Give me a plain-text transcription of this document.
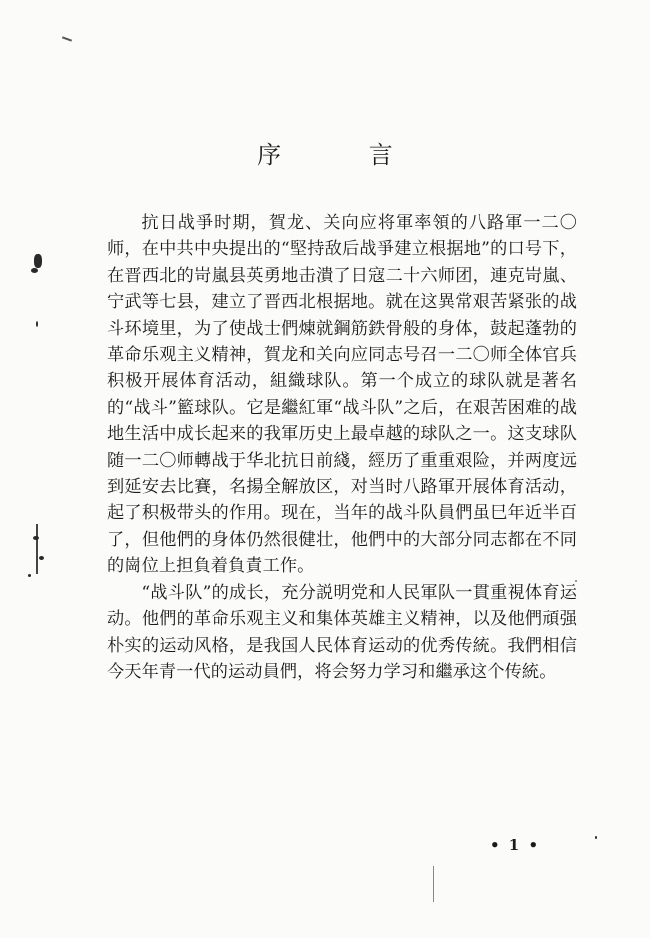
序 言

抗日战爭时期，賀龙、关向应将軍率領的八路軍一二〇师，在中共中央提出的“堅持敌后战爭建立根据地”的口号下，在晋西北的岢嵐县英勇地击潰了日寇二十六师团，連克岢嵐、宁武等七县，建立了晋西北根据地。就在这異常艰苦紧张的战斗环境里，为了使战士們煉就鋼筋鉄骨般的身体，鼓起蓬勃的革命乐观主义精神，賀龙和关向应同志号召一二〇师全体官兵积极开展体育活动，組織球队。第一个成立的球队就是著名的“战斗”籃球队。它是繼紅軍“战斗队”之后，在艰苦困难的战地生活中成长起来的我軍历史上最卓越的球队之一。这支球队随一二〇师轉战于华北抗日前綫，經历了重重艰险，并两度远到延安去比賽，名揚全解放区，对当时八路軍开展体育活动，起了积极带头的作用。现在，当年的战斗队員們虽巳年近半百了，但他們的身体仍然很健壮，他們中的大部分同志都在不同的崗位上担負着負責工作。

“战斗队”的成长，充分説明党和人民軍队一貫重視体育运动。他們的革命乐观主义和集体英雄主义精神，以及他們頑强朴实的运动风格，是我国人民体育运动的优秀传統。我們相信今天年青一代的运动員們，将会努力学习和繼承这个传統。

• 1 •
